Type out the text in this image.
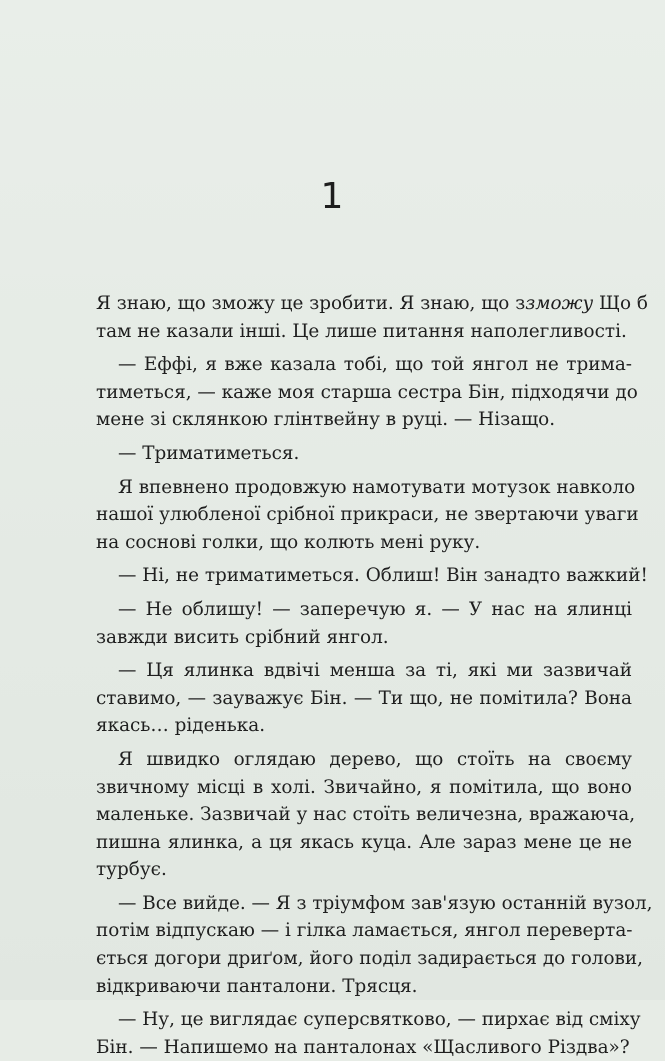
1
Я знаю, що зможу це зробити. Я знаю, що ззможу Що б
там не казали інші. Це лише питання наполегливості.
— Еффі, я вже казала тобі, що той янгол не трима-
тиметься, — каже моя старша сестра Бін, підходячи до
мене зі склянкою глінтвейну в руці. — Нізащо.
— Триматиметься.
Я впевнено продовжую намотувати мотузок навколо
нашої улюбленої срібної прикраси, не звертаючи уваги
на соснові голки, що колють мені руку.
— Ні, не триматиметься. Облиш! Він занадто важкий!
— Не облишу! — заперечую я. — У нас на ялинці
завжди висить срібний янгол.
— Ця ялинка вдвічі менша за ті, які ми зазвичай
ставимо, — зауважує Бін. — Ти що, не помітила? Вона
якась… ріденька.
Я швидко оглядаю дерево, що стоїть на своєму
звичному місці в холі. Звичайно, я помітила, що воно
маленьке. Зазвичай у нас стоїть величезна, вражаюча,
пишна ялинка, а ця якась куца. Але зараз мене це не
турбує.
— Все вийде. — Я з тріумфом зав'язую останній вузол,
потім відпускаю — і гілка ламається, янгол переверта-
ється догори дриґом, його поділ задирається до голови,
відкриваючи панталони. Трясця.
— Ну, це виглядає суперсвятково, — пирхає від сміху
Бін. — Напишемо на панталонах «Щасливого Різдва»?
